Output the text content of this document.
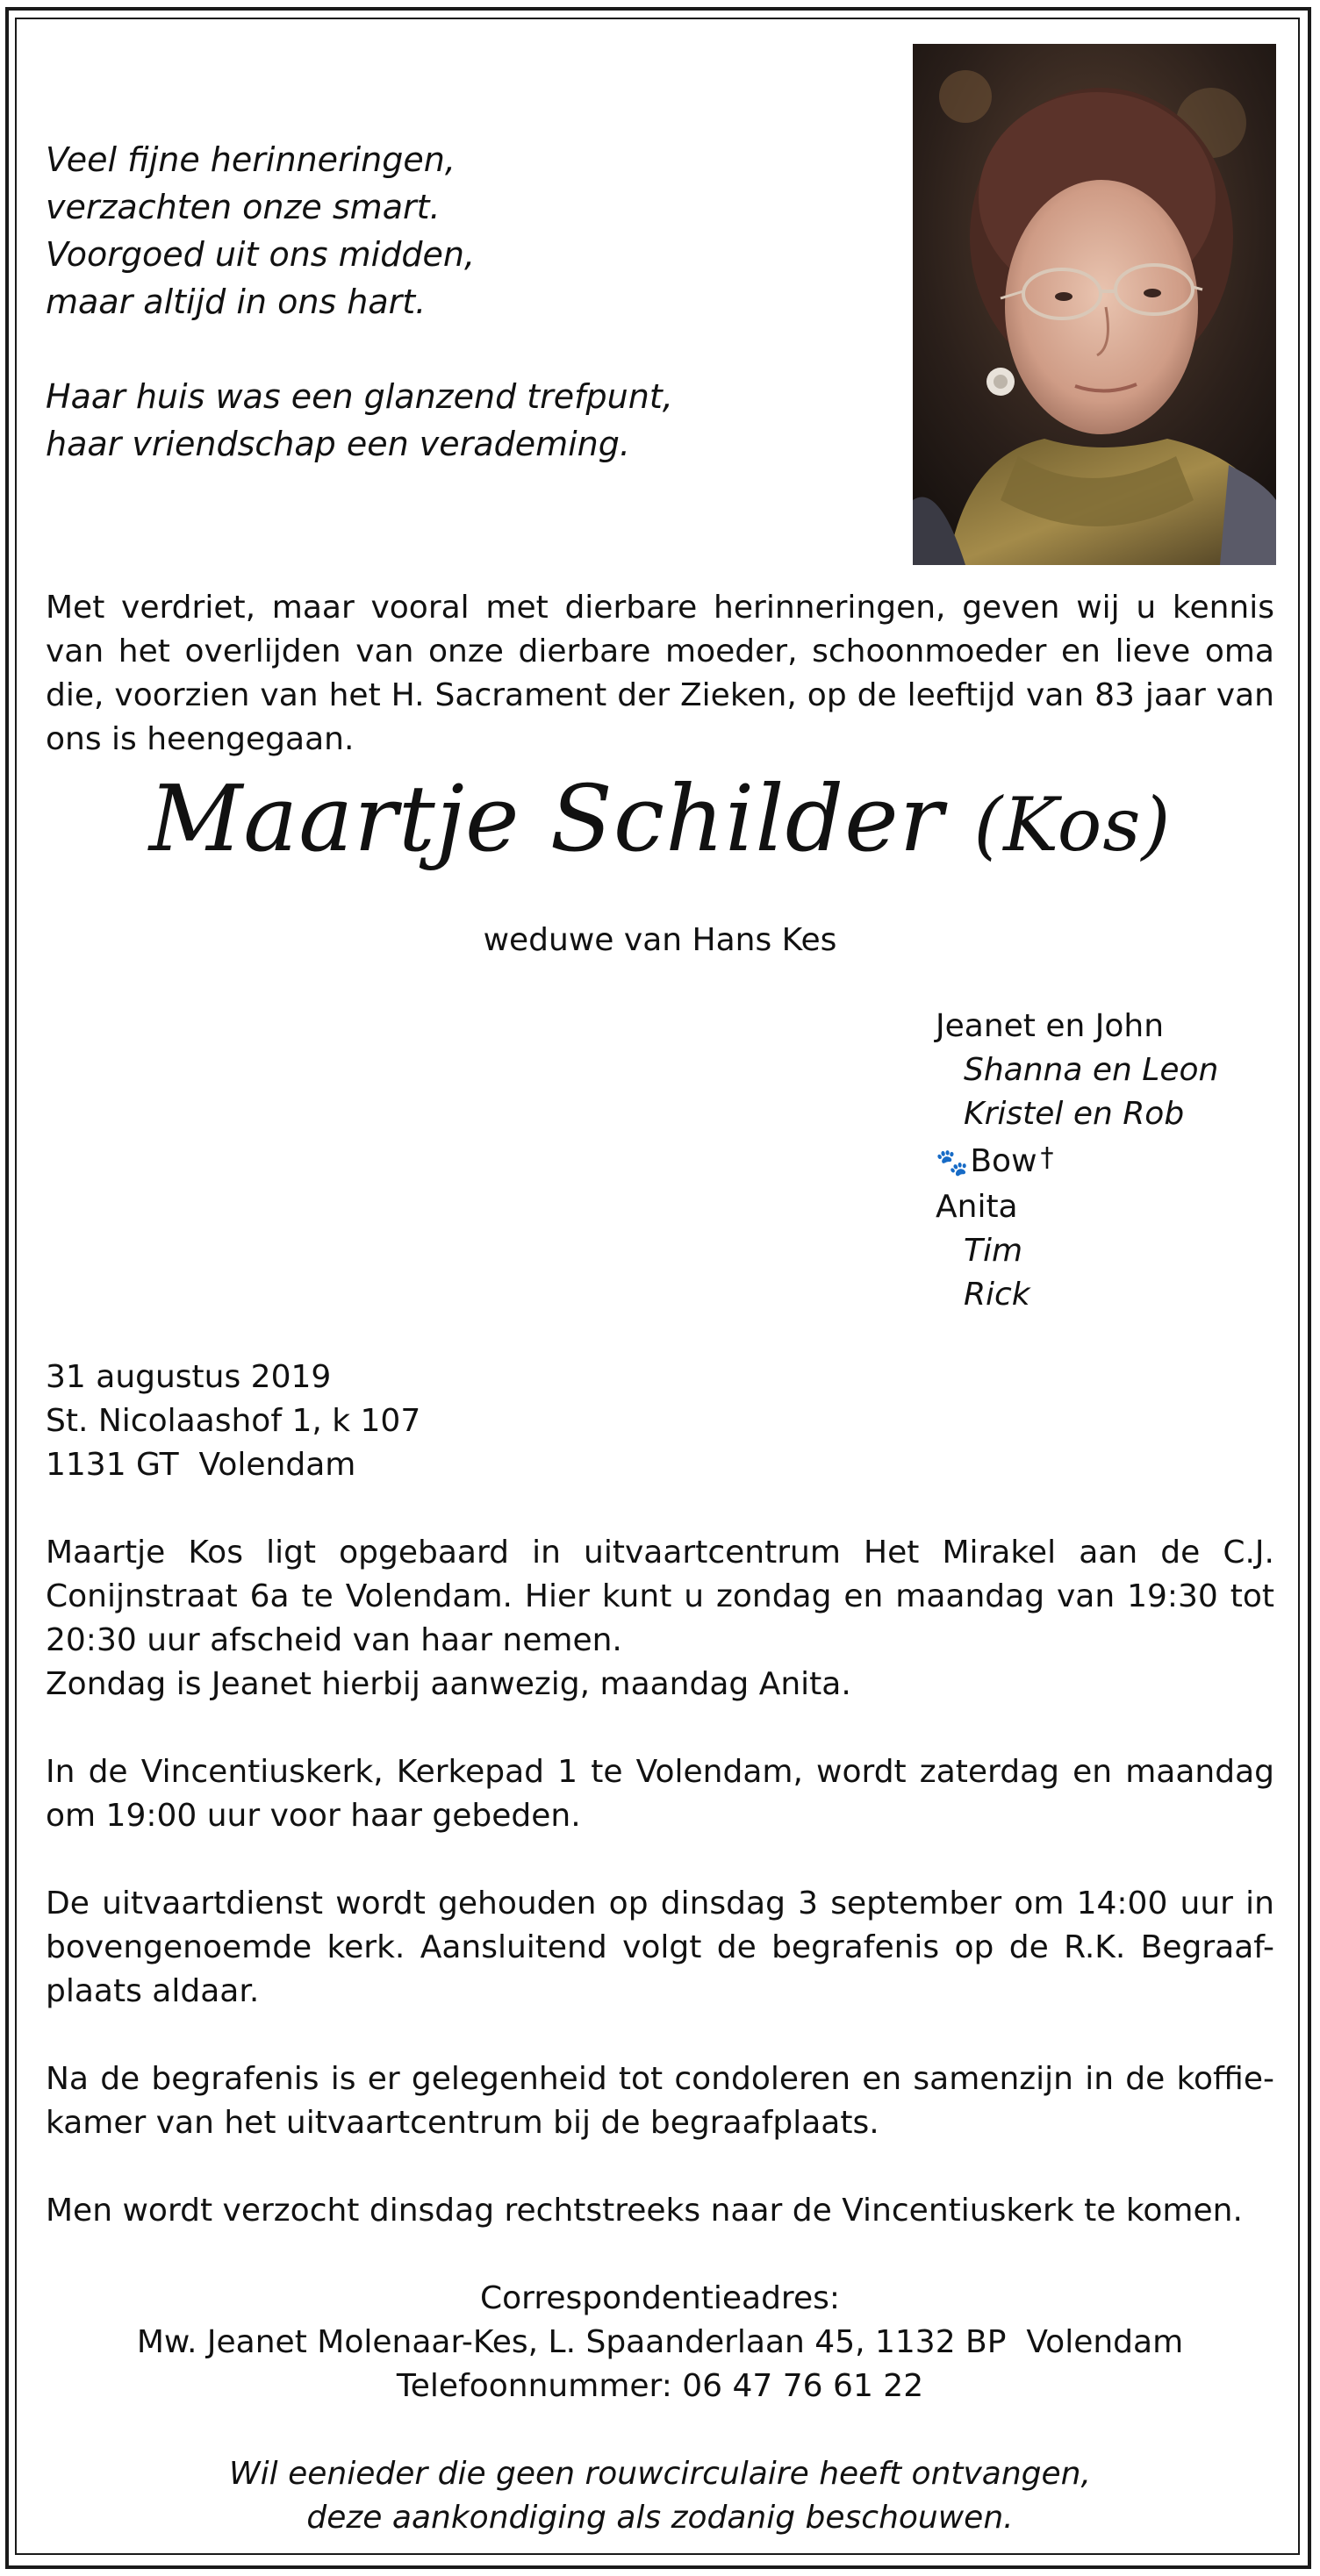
Veel fijne herinneringen,
verzachten onze smart.
Voorgoed uit ons midden,
maar altijd in ons hart.
Haar huis was een glanzend trefpunt,
haar vriendschap een verademing.
Met verdriet, maar vooral met dierbare herinneringen, geven wij u kennis van het overlijden van onze dierbare moeder, schoonmoeder en lieve oma die, voorzien van het H. Sacrament der Zieken, op de leeftijd van 83 jaar van ons is heengegaan.
Maartje Schilder (Kos)
weduwe van Hans Kes
Jeanet en John
Shanna en Leon
Kristel en Rob
🐾Bow †
Anita
Tim
Rick
31 augustus 2019
St. Nicolaashof 1, k 107
1131 GT  Volendam

Maartje Kos ligt opgebaard in uitvaartcentrum Het Mirakel aan de C.J. Conijnstraat 6a te Volendam. Hier kunt u zondag en maandag van 19:30 tot 20:30 uur afscheid van haar nemen.
Zondag is Jeanet hierbij aanwezig, maandag Anita.

In de Vincentiuskerk, Kerkepad 1 te Volendam, wordt zaterdag en maandag om 19:00 uur voor haar gebeden.

De uitvaartdienst wordt gehouden op dinsdag 3 september om 14:00 uur in bovengenoemde kerk. Aansluitend volgt de begrafenis op de R.K. Begraaf-plaats aldaar.

Na de begrafenis is er gelegenheid tot condoleren en samenzijn in de koffie-kamer van het uitvaartcentrum bij de begraafplaats.

Men wordt verzocht dinsdag rechtstreeks naar de Vincentiuskerk te komen.

Correspondentieadres:
Mw. Jeanet Molenaar-Kes, L. Spaanderlaan 45, 1132 BP  Volendam
Telefoonnummer: 06 47 76 61 22
Wil eenieder die geen rouwcirculaire heeft ontvangen,
deze aankondiging als zodanig beschouwen.
